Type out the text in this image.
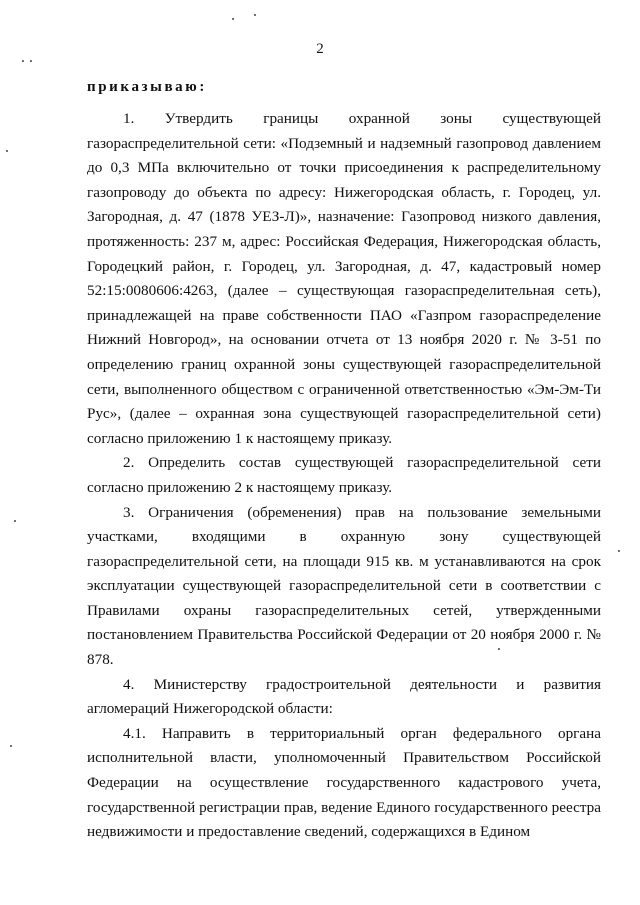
2
приказываю:

1. Утвердить границы охранной зоны существующей газораспределительной сети: «Подземный и надземный газопровод давлением до 0,3 МПа включительно от точки присоединения к распределительному газопроводу до объекта по адресу: Нижегородская область, г. Городец, ул. Загородная, д. 47 (1878 УЕЗ-Л)», назначение: Газопровод низкого давления, протяженность: 237 м, адрес: Российская Федерация, Нижегородская область, Городецкий район, г. Городец, ул. Загородная, д. 47, кадастровый номер 52:15:0080606:4263, (далее – существующая газораспределительная сеть), принадлежащей на праве собственности ПАО «Газпром газораспределение Нижний Новгород», на основании отчета от 13 ноября 2020 г. № 3-51 по определению границ охранной зоны существующей газораспределительной сети, выполненного обществом с ограниченной ответственностью «Эм-Эм-Ти Рус», (далее – охранная зона существующей газораспределительной сети) согласно приложению 1 к настоящему приказу.

2. Определить состав существующей газораспределительной сети согласно приложению 2 к настоящему приказу.

3. Ограничения (обременения) прав на пользование земельными участками, входящими в охранную зону существующей газораспределительной сети, на площади 915 кв. м устанавливаются на срок эксплуатации существующей газораспределительной сети в соответствии с Правилами охраны газораспределительных сетей, утвержденными постановлением Правительства Российской Федерации от 20 ноября 2000 г. № 878.

4. Министерству градостроительной деятельности и развития агломераций Нижегородской области:

4.1. Направить в территориальный орган федерального органа исполнительной власти, уполномоченный Правительством Российской Федерации на осуществление государственного кадастрового учета, государственной регистрации прав, ведение Единого государственного реестра недвижимости и предоставление сведений, содержащихся в Едином
